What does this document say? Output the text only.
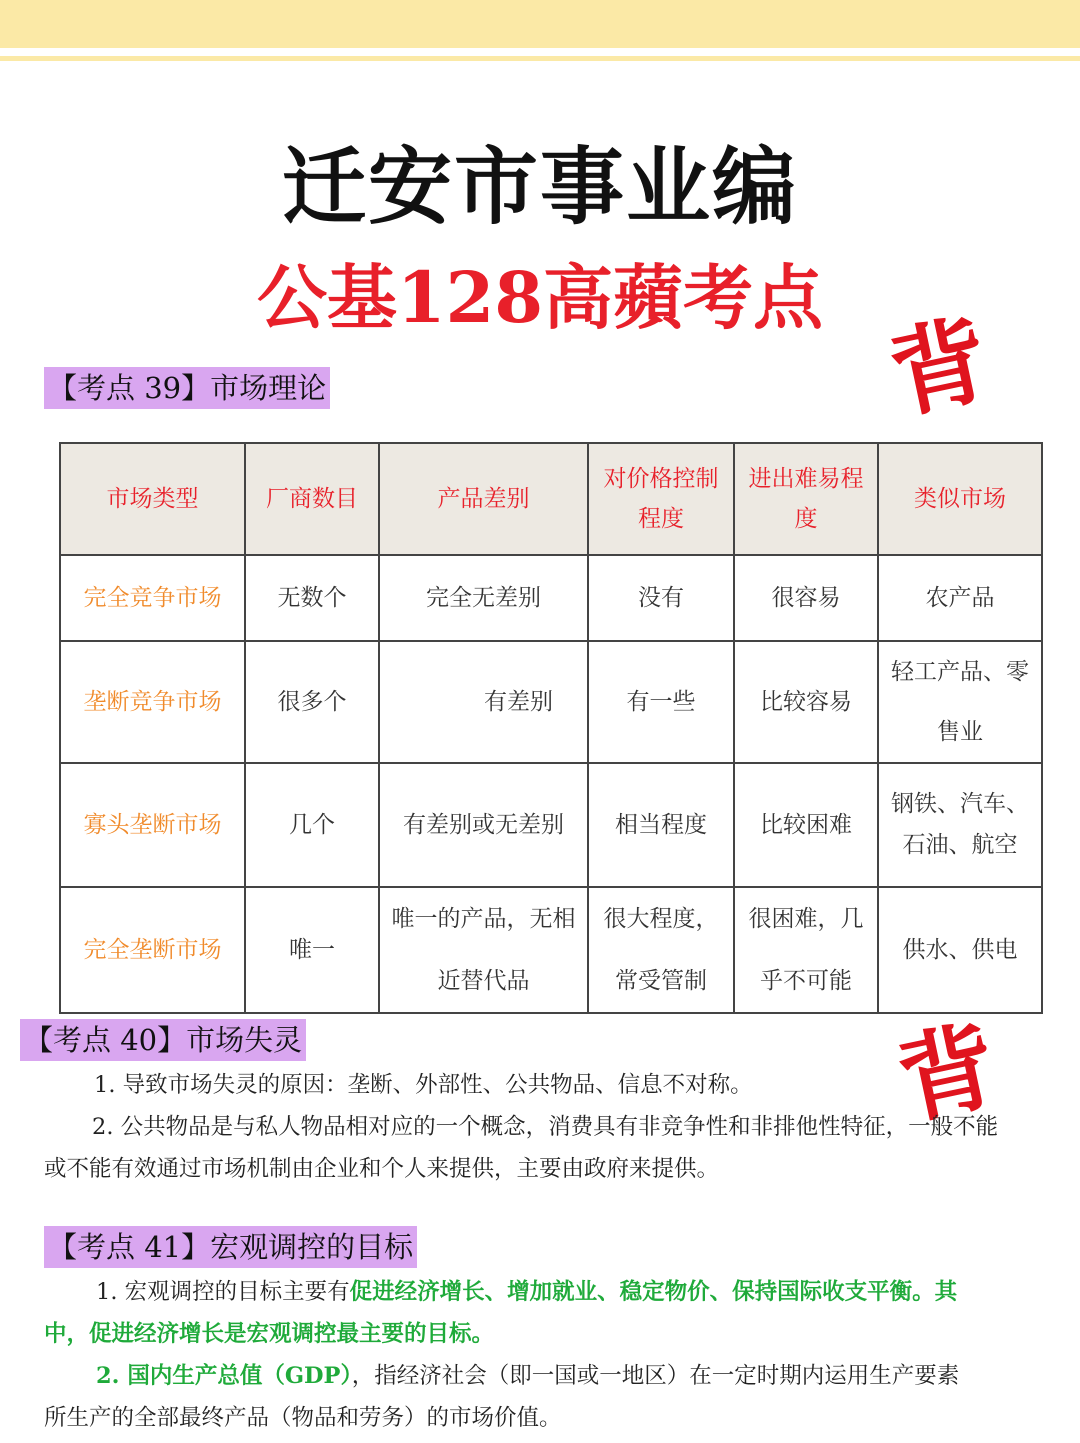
迁安市事业编
公基128高蘋考点
背
【考点 39】市场理论
市场类型	厂商数目	产品差别	对价格控制程度	进出难易程度	类似市场
完全竞争市场	无数个	完全无差别	没有	很容易	农产品
垄断竞争市场	很多个	有差别	有一些	比较容易	轻工产品、零售业
寡头垄断市场	几个	有差别或无差别	相当程度	比较困难	钢铁、汽车、石油、航空
完全垄断市场	唯一	唯一的产品，无相近替代品	很大程度，常受管制	很困难，几乎不可能	供水、供电
【考点 40】市场失灵	背
1. 导致市场失灵的原因：垄断、外部性、公共物品、信息不对称。
2. 公共物品是与私人物品相对应的一个概念，消费具有非竞争性和非排他性特征，一般不能
或不能有效通过市场机制由企业和个人来提供，主要由政府来提供。
【考点 41】宏观调控的目标
1. 宏观调控的目标主要有促进经济增长、增加就业、稳定物价、保持国际收支平衡。其
中，促进经济增长是宏观调控最主要的目标。
2. 国内生产总值（GDP），指经济社会（即一国或一地区）在一定时期内运用生产要素
所生产的全部最终产品（物品和劳务）的市场价值。
